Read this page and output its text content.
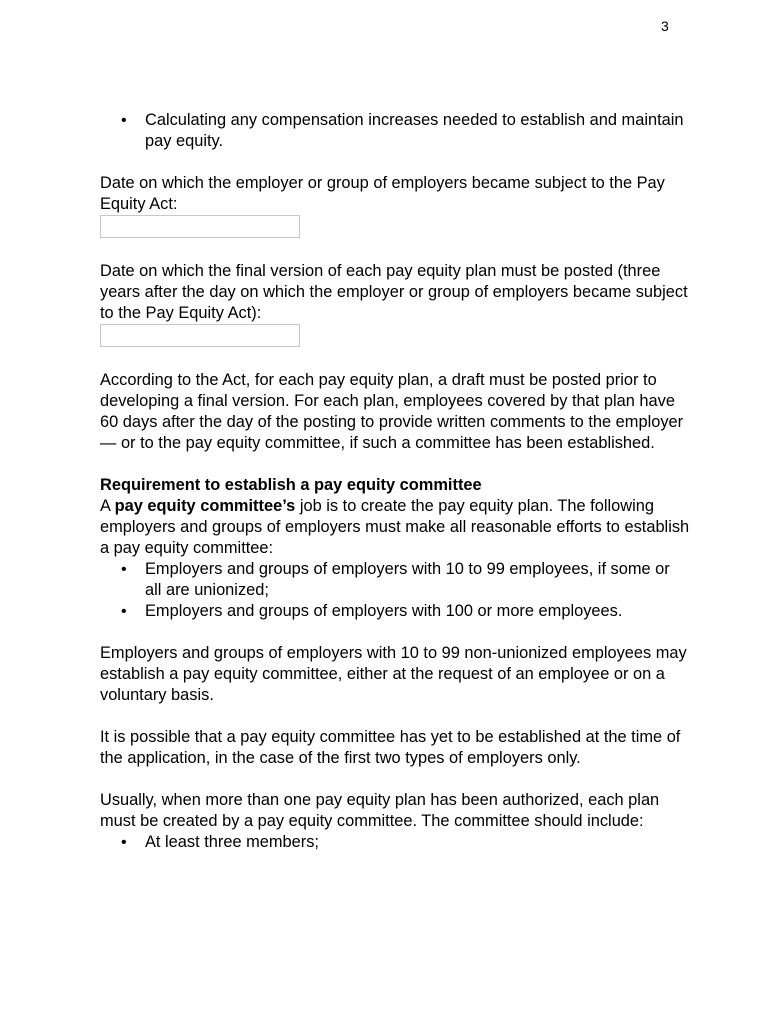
3
• Calculating any compensation increases needed to establish and maintain pay equity.

Date on which the employer or group of employers became subject to the Pay Equity Act:

Date on which the final version of each pay equity plan must be posted (three years after the day on which the employer or group of employers became subject to the Pay Equity Act):

According to the Act, for each pay equity plan, a draft must be posted prior to developing a final version. For each plan, employees covered by that plan have 60 days after the day of the posting to provide written comments to the employer — or to the pay equity committee, if such a committee has been established.

Requirement to establish a pay equity committee

A pay equity committee’s job is to create the pay equity plan. The following employers and groups of employers must make all reasonable efforts to establish a pay equity committee:

• Employers and groups of employers with 10 to 99 employees, if some or all are unionized;
• Employers and groups of employers with 100 or more employees.

Employers and groups of employers with 10 to 99 non-unionized employees may establish a pay equity committee, either at the request of an employee or on a voluntary basis.

It is possible that a pay equity committee has yet to be established at the time of the application, in the case of the first two types of employers only.

Usually, when more than one pay equity plan has been authorized, each plan must be created by a pay equity committee. The committee should include:

• At least three members;
